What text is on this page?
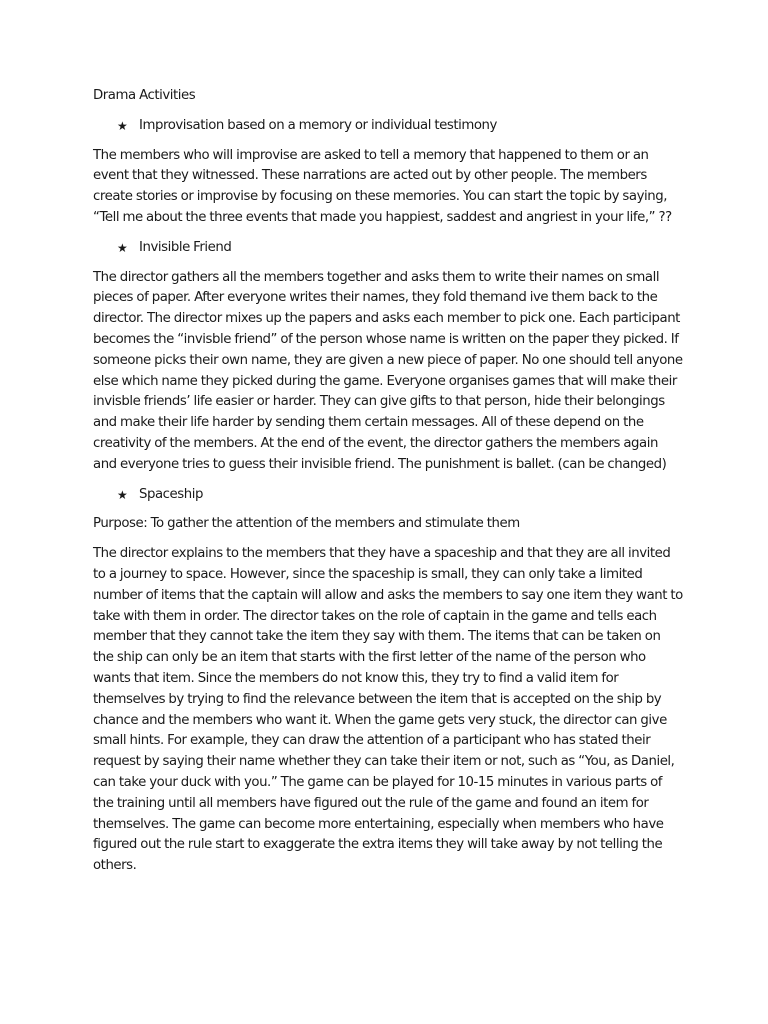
Drama Activities

★ Improvisation based on a memory or individual testimony

The members who will improvise are asked to tell a memory that happened to them or an event that they witnessed. These narrations are acted out by other people. The members create stories or improvise by focusing on these memories. You can start the topic by saying, “Tell me about the three events that made you happiest, saddest and angriest in your life,” ??

★ Invisible Friend

The director gathers all the members together and asks them to write their names on small pieces of paper. After everyone writes their names, they fold themand ive them back to the director. The director mixes up the papers and asks each member to pick one. Each participant becomes the “invisble friend” of the person whose name is written on the paper they picked. If someone picks their own name, they are given a new piece of paper. No one should tell anyone else which name they picked during the game. Everyone organises games that will make their invisble friends’ life easier or harder. They can give gifts to that person, hide their belongings and make their life harder by sending them certain messages. All of these depend on the creativity of the members. At the end of the event, the director gathers the members again and everyone tries to guess their invisible friend. The punishment is ballet. (can be changed)

★ Spaceship

Purpose: To gather the attention of the members and stimulate them

The director explains to the members that they have a spaceship and that they are all invited to a journey to space. However, since the spaceship is small, they can only take a limited number of items that the captain will allow and asks the members to say one item they want to take with them in order. The director takes on the role of captain in the game and tells each member that they cannot take the item they say with them. The items that can be taken on the ship can only be an item that starts with the first letter of the name of the person who wants that item. Since the members do not know this, they try to find a valid item for themselves by trying to find the relevance between the item that is accepted on the ship by chance and the members who want it. When the game gets very stuck, the director can give small hints. For example, they can draw the attention of a participant who has stated their request by saying their name whether they can take their item or not, such as “You, as Daniel, can take your duck with you.” The game can be played for 10-15 minutes in various parts of the training until all members have figured out the rule of the game and found an item for themselves. The game can become more entertaining, especially when members who have figured out the rule start to exaggerate the extra items they will take away by not telling the others.
